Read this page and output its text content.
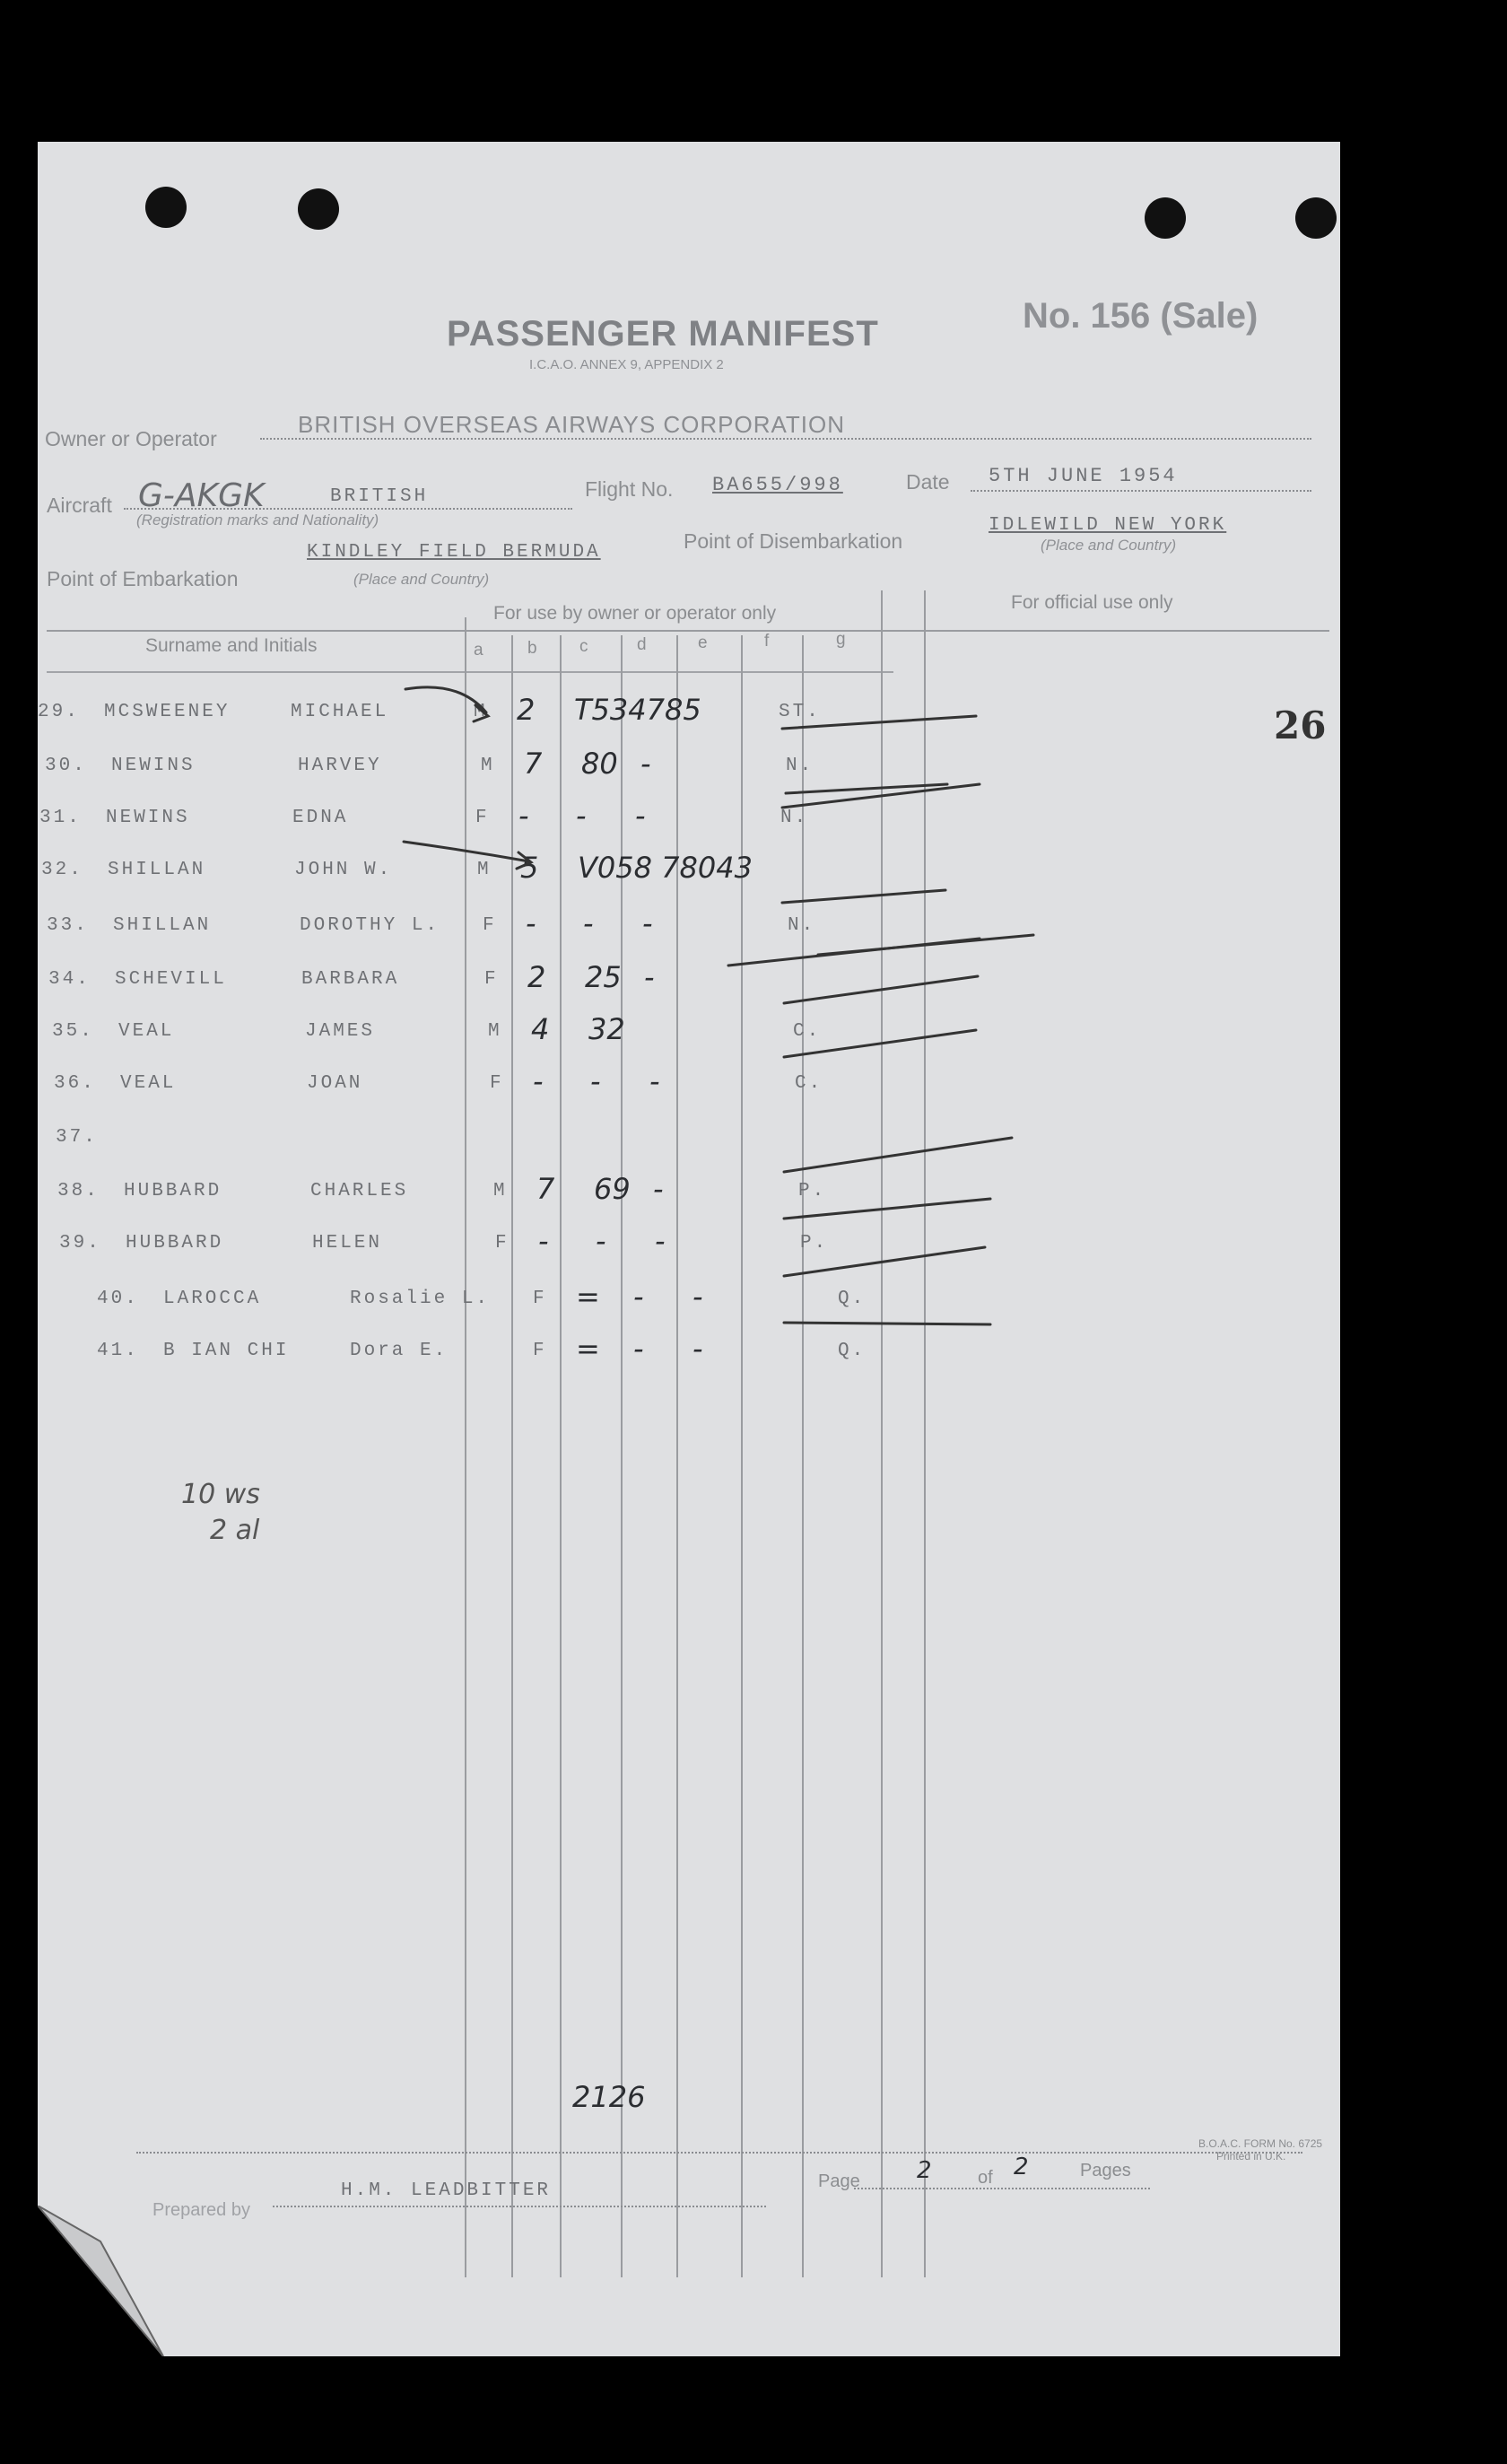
PASSENGER MANIFEST
I.C.A.O. ANNEX 9, APPENDIX 2
No. 156 (Sale)
Owner or Operator
BRITISH OVERSEAS AIRWAYS CORPORATION
Aircraft G-AKGK	BRITISH
(Registration marks and Nationality)
Flight No. BA655/998	Date 5TH JUNE 1954
Point of Embarkation
KINDLEY FIELD BERMUDA
(Place and Country)
Point of Disembarkation
IDLEWILD NEW YORK
(Place and Country)
For use by owner or operator only
For official use only
Surname and Initials	a	b c	d	e	f	g
29. MCSWEENEY	MICHAEL	M 2 T534785	ST.
30. NEWINS	HARVEY	M 7 80 -	N.
31. NEWINS	EDNA	F - - -	N.
32. SHILLAN	JOHN W.	M 5 V058 78043
33. SHILLAN	DOROTHY L. F - - -	N.
34. SCHEVILL	BARBARA	F 2 25 -
35. VEAL	JAMES	M 4 32	C.
36. VEAL	JOAN	F - - -	C.
37.
38. HUBBARD	CHARLES	M 7 69 -	P.
39. HUBBARD	HELEN	F - - -	P.
40. LAROCCA	Rosalie L. F = - -	Q.
41. B IAN CHI	Dora E.	F = - -	Q.
26
10 ws
2 al
2126
Prepared by
H.M. LEADBITTER	Page 2	of 2	Pages
B.O.A.C. FORM No. 6725
Printed in U.K.
